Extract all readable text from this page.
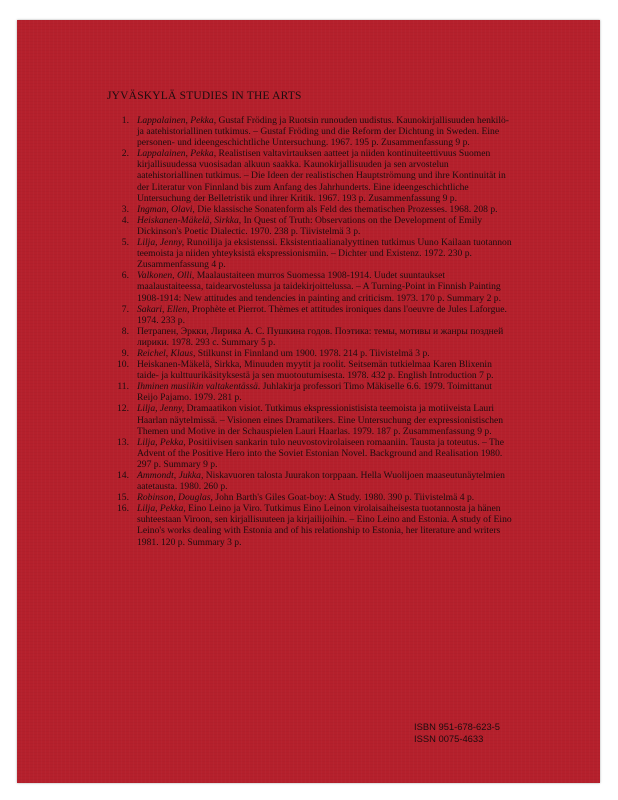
JYVÄSKYLÄ STUDIES IN THE ARTS
1. Lappalainen, Pekka, Gustaf Fröding ja Ruotsin runouden uudistus. Kaunokirjallisuuden henkilö- ja aatehistoriallinen tutkimus. – Gustaf Fröding und die Reform der Dichtung in Sweden. Eine personen- und ideengeschichtliche Untersuchung. 1967. 195 p. Zusammenfassung 9 p.
2. Lappalainen, Pekka, Realistisen valtavirtauksen aatteet ja niiden kontinuiteettivuus Suomen kirjallisuudessa vuosisadan alkuun saakka. Kaunokirjallisuuden ja sen arvostelun aatehistoriallinen tutkimus. – Die Ideen der realistischen Hauptströmung und ihre Kontinuität in der Literatur von Finnland bis zum Anfang des Jahrhunderts. Eine ideengeschichtliche Untersuchung der Belletristik und ihrer Kritik. 1967. 193 p. Zusammenfassung 9 p.
3. Ingman, Olavi, Die klassische Sonatenform als Feld des thematischen Prozesses. 1968. 208 p.
4. Heiskanen-Mäkelä, Sirkka, In Quest of Truth: Observations on the Development of Emily Dickinson's Poetic Dialectic. 1970. 238 p. Tiivistelmä 3 p.
5. Lilja, Jenny, Runoilija ja eksistenssi. Eksistentiaalianalyyttinen tutkimus Uuno Kailaan tuotannon teemoista ja niiden yhteyksistä ekspressionismiin. – Dichter und Existenz. 1972. 230 p. Zusammenfassung 4 p.
6. Valkonen, Olli, Maalaustaiteen murros Suomessa 1908-1914. Uudet suuntaukset maalaustaiteessa, taidearvostelussa ja taidekirjoittelussa. – A Turning-Point in Finnish Painting 1908-1914: New attitudes and tendencies in painting and criticism. 1973. 170 p. Summary 2 p.
7. Sakari, Ellen, Prophète et Pierrot. Thèmes et attitudes ironiques dans l'oeuvre de Jules Laforgue. 1974. 233 p.
8. Петрапен, Эркки, Лирика А. С. Пушкина годов. Поэтика: темы, мотивы и жанры поздней лирики. 1978. 293 с. Summary 5 p.
9. Reichel, Klaus, Stilkunst in Finnland um 1900. 1978. 214 p. Tiivistelmä 3 p.
10. Heiskanen-Mäkelä, Sirkka, Minuuden myytit ja roolit. Seitsemän tutkielmaa Karen Blixenin taide- ja kulttuurikäsityksestä ja sen muotoutumisesta. 1978. 432 p. English Introduction 7 p.
11. Ihminen musiikin valtakentässä. Juhlakirja professori Timo Mäkiselle 6.6. 1979. Toimittanut Reijo Pajamo. 1979. 281 p.
12. Lilja, Jenny, Dramaatikon visiot. Tutkimus ekspressionistisista teemoista ja motiiveista Lauri Haarlan näytelmissä. – Visionen eines Dramatikers. Eine Untersuchung der expressionistischen Themen und Motive in der Schauspielen Lauri Haarlas. 1979. 187 p. Zusammenfassung 9 p.
13. Lilja, Pekka, Positiivisen sankarin tulo neuvostovirolaiseen romaaniin. Tausta ja toteutus. – The Advent of the Positive Hero into the Soviet Estonian Novel. Background and Realisation 1980. 297 p. Summary 9 p.
14. Ammondt, Jukka, Niskavuoren talosta Juurakon torppaan. Hella Wuolijoen maaseutunäytelmien aatetausta. 1980. 260 p.
15. Robinson, Douglas, John Barth's Giles Goat-boy: A Study. 1980. 390 p. Tiivistelmä 4 p.
16. Lilja, Pekka, Eino Leino ja Viro. Tutkimus Eino Leinon virolaisaiheisesta tuotannosta ja hänen suhteestaan Viroon, sen kirjallisuuteen ja kirjailijoihin. – Eino Leino and Estonia. A study of Eino Leino's works dealing with Estonia and of his relationship to Estonia, her literature and writers 1981. 120 p. Summary 3 p.
ISBN 951-678-623-5
ISSN 0075-4633
